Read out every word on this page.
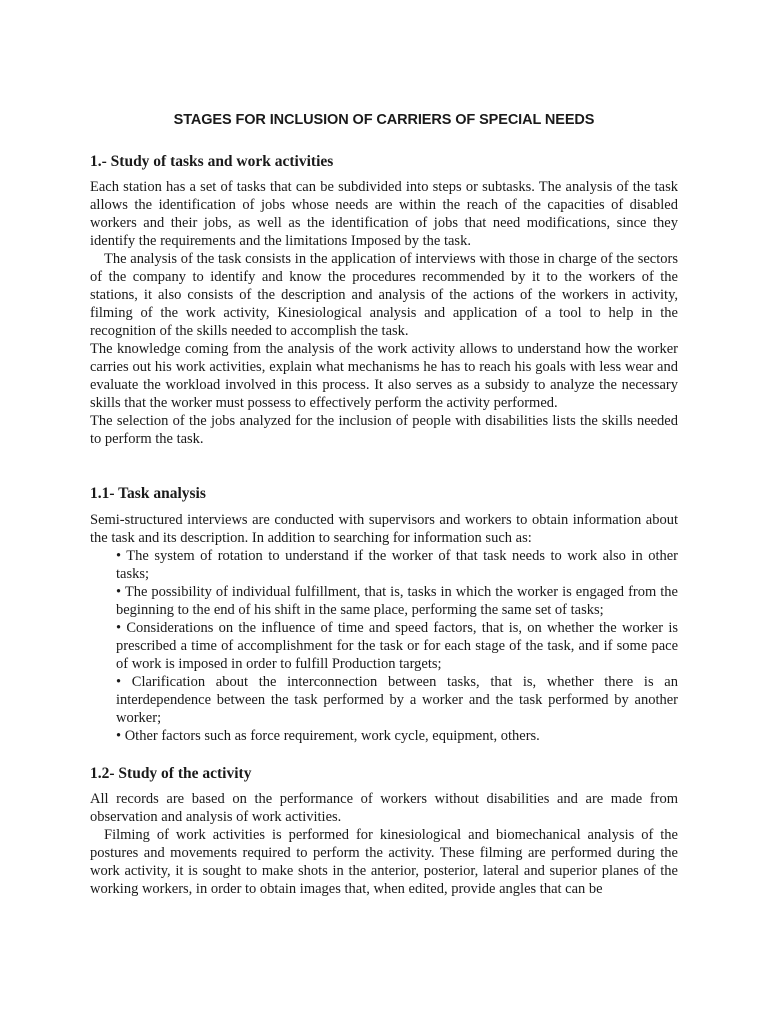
STAGES FOR INCLUSION OF CARRIERS OF SPECIAL NEEDS
1.- Study of tasks and work activities

Each station has a set of tasks that can be subdivided into steps or subtasks. The analysis of the task allows the identification of jobs whose needs are within the reach of the capacities of disabled workers and their jobs, as well as the identification of jobs that need modifications, since they identify the requirements and the limitations Imposed by the task.

The analysis of the task consists in the application of interviews with those in charge of the sectors of the company to identify and know the procedures recommended by it to the workers of the stations, it also consists of the description and analysis of the actions of the workers in activity, filming of the work activity, Kinesiological analysis and application of a tool to help in the recognition of the skills needed to accomplish the task.

The knowledge coming from the analysis of the work activity allows to understand how the worker carries out his work activities, explain what mechanisms he has to reach his goals with less wear and evaluate the workload involved in this process. It also serves as a subsidy to analyze the necessary skills that the worker must possess to effectively perform the activity performed.

The selection of the jobs analyzed for the inclusion of people with disabilities lists the skills needed to perform the task.

1.1- Task analysis

Semi-structured interviews are conducted with supervisors and workers to obtain information about the task and its description. In addition to searching for information such as:

• The system of rotation to understand if the worker of that task needs to work also in other tasks;
• The possibility of individual fulfillment, that is, tasks in which the worker is engaged from the beginning to the end of his shift in the same place, performing the same set of tasks;
• Considerations on the influence of time and speed factors, that is, on whether the worker is prescribed a time of accomplishment for the task or for each stage of the task, and if some pace of work is imposed in order to fulfill Production targets;
• Clarification about the interconnection between tasks, that is, whether there is an interdependence between the task performed by a worker and the task performed by another worker;
• Other factors such as force requirement, work cycle, equipment, others.
1.2- Study of the activity

All records are based on the performance of workers without disabilities and are made from observation and analysis of work activities.

Filming of work activities is performed for kinesiological and biomechanical analysis of the postures and movements required to perform the activity. These filming are performed during the work activity, it is sought to make shots in the anterior, posterior, lateral and superior planes of the working workers, in order to obtain images that, when edited, provide angles that can be
